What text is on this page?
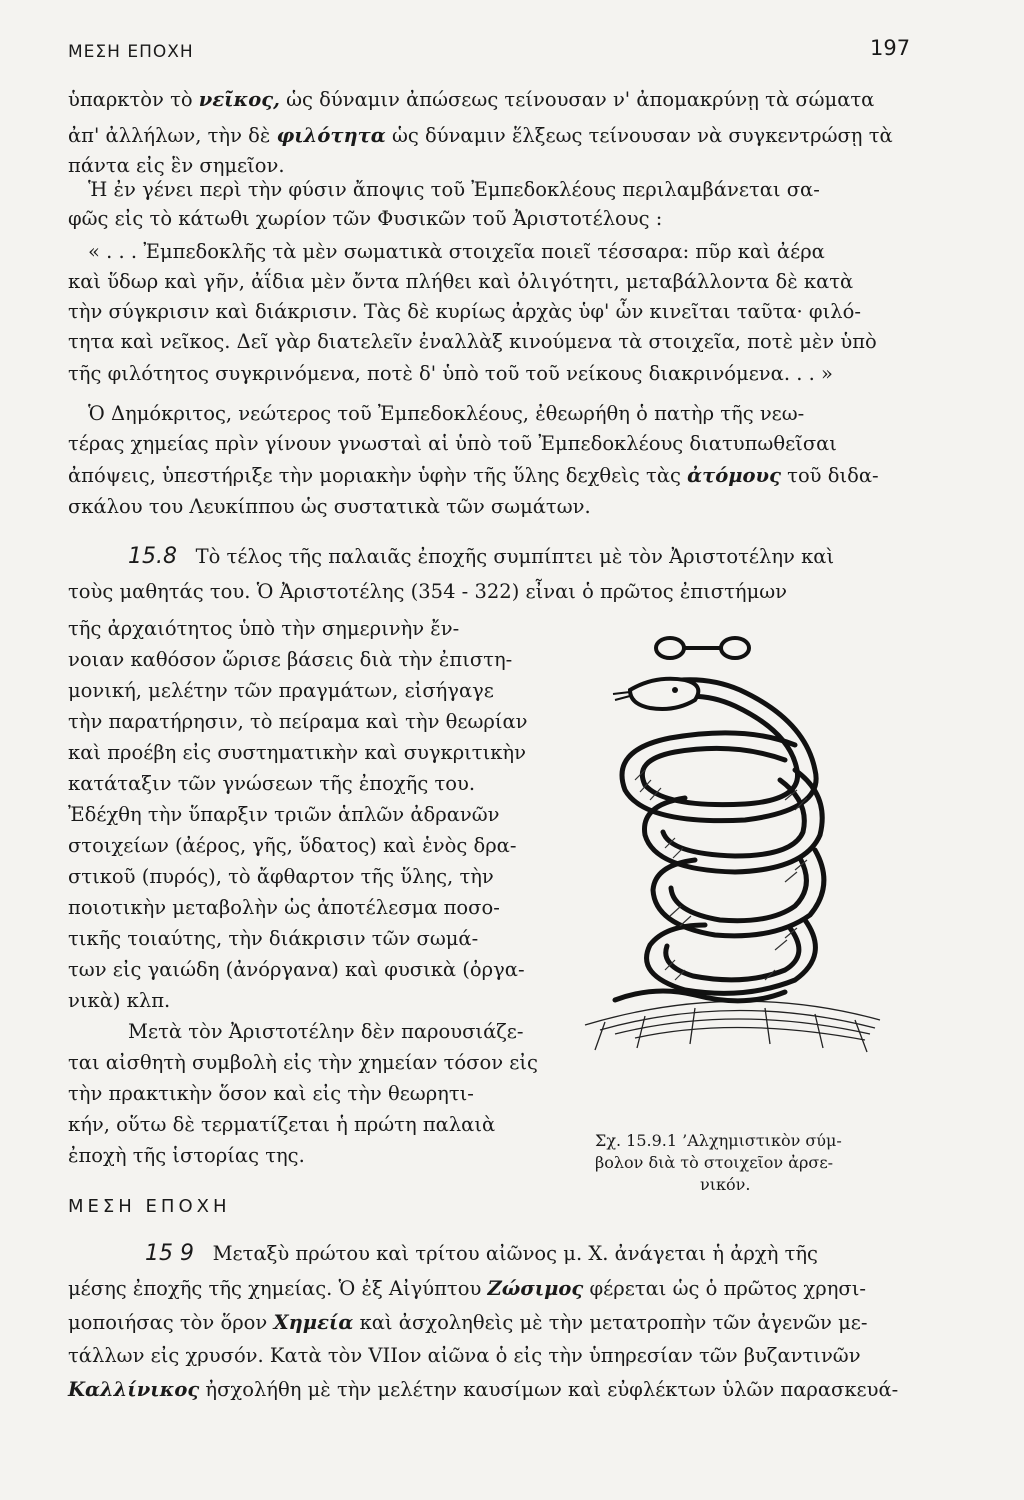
ΜΕΣΗ ΕΠΟΧΗ	197
ὑπαρκτὸν τὸ νεῖκος, ὡς δύναμιν ἀπώσεως τείνουσαν ν' ἀπομακρύνῃ τὰ σώματα
ἀπ' ἀλλήλων, τὴν δὲ φιλότητα ὡς δύναμιν ἕλξεως τείνουσαν νὰ συγκεντρώσῃ τὰ
πάντα εἰς ἓν σημεῖον.
Ἡ ἐν γένει περὶ τὴν φύσιν ἄποψις τοῦ Ἐμπεδοκλέους περιλαμβάνεται σα-
φῶς εἰς τὸ κάτωθι χωρίον τῶν Φυσικῶν τοῦ Ἀριστοτέλους :
« . . . Ἐμπεδοκλῆς τὰ μὲν σωματικὰ στοιχεῖα ποιεῖ τέσσαρα: πῦρ καὶ ἀέρα
καὶ ὕδωρ καὶ γῆν, ἀΐδια μὲν ὄντα πλήθει καὶ ὀλιγότητι, μεταβάλλοντα δὲ κατὰ
τὴν σύγκρισιν καὶ διάκρισιν. Τὰς δὲ κυρίως ἀρχὰς ὑφ' ὧν κινεῖται ταῦτα· φιλό-
τητα καὶ νεῖκος. Δεῖ γὰρ διατελεῖν ἐναλλὰξ κινούμενα τὰ στοιχεῖα, ποτὲ μὲν ὑπὸ
τῆς φιλότητος συγκρινόμενα, ποτὲ δ' ὑπὸ τοῦ τοῦ νείκους διακρινόμενα. . . »
Ὁ Δημόκριτος, νεώτερος τοῦ Ἐμπεδοκλέους, ἐθεωρήθη ὁ πατὴρ τῆς νεω-
τέρας χημείας πρὶν γίνουν γνωσταὶ αἱ ὑπὸ τοῦ Ἐμπεδοκλέους διατυπωθεῖσαι
ἀπόψεις, ὑπεστήριξε τὴν μοριακὴν ὑφὴν τῆς ὕλης δεχθεὶς τὰς ἀτόμους τοῦ διδα-
σκάλου του Λευκίππου ὡς συστατικὰ τῶν σωμάτων.
15.8 Τὸ τέλος τῆς παλαιᾶς ἐποχῆς συμπίπτει μὲ τὸν Ἀριστοτέλην καὶ
τοὺς μαθητάς του. Ὁ Ἀριστοτέλης (354 - 322) εἶναι ὁ πρῶτος ἐπιστήμων
τῆς ἀρχαιότητος ὑπὸ τὴν σημερινὴν ἔν-
νοιαν καθόσον ὥρισε βάσεις διὰ τὴν ἐπιστη-
μονική, μελέτην τῶν πραγμάτων, εἰσήγαγε
τὴν παρατήρησιν, τὸ πείραμα καὶ τὴν θεωρίαν
καὶ προέβη εἰς συστηματικὴν καὶ συγκριτικὴν
κατάταξιν τῶν γνώσεων τῆς ἐποχῆς του.
Ἐδέχθη τὴν ὕπαρξιν τριῶν ἁπλῶν ἀδρανῶν
στοιχείων (ἀέρος, γῆς, ὕδατος) καὶ ἑνὸς δρα-
στικοῦ (πυρός), τὸ ἄφθαρτον τῆς ὕλης, τὴν
ποιοτικὴν μεταβολὴν ὡς ἀποτέλεσμα ποσο-
τικῆς τοιαύτης, τὴν διάκρισιν τῶν σωμά-
των εἰς γαιώδη (ἀνόργανα) καὶ φυσικὰ (ὀργα-
νικὰ) κλπ.
Μετὰ τὸν Ἀριστοτέλην δὲν παρουσιάζε-
ται αἰσθητὴ συμβολὴ εἰς τὴν χημείαν τόσον εἰς
τὴν πρακτικὴν ὅσον καὶ εἰς τὴν θεωρητι-
κήν, οὕτω δὲ τερματίζεται ἡ πρώτη παλαιὰ
ἐποχὴ τῆς ἱστορίας της.
Σχ. 15.9.1 ’Αλχημιστικὸν σύμ-
βολον διὰ τὸ στοιχεῖον ἀρσε-
νικόν.
ΜΕΣΗ ΕΠΟΧΗ
15 9 Μεταξὺ πρώτου καὶ τρίτου αἰῶνος μ. Χ. ἀνάγεται ἡ ἀρχὴ τῆς
μέσης ἐποχῆς τῆς χημείας. Ὁ ἐξ Αἰγύπτου Ζώσιμος φέρεται ὡς ὁ πρῶτος χρησι-
μοποιήσας τὸν ὅρον Χημεία καὶ ἀσχοληθεὶς μὲ τὴν μετατροπὴν τῶν ἀγενῶν με-
τάλλων εἰς χρυσόν. Κατὰ τὸν VIIον αἰῶνα ὁ εἰς τὴν ὑπηρεσίαν τῶν βυζαντινῶν
Καλλίνικος ἠσχολήθη μὲ τὴν μελέτην καυσίμων καὶ εὐφλέκτων ὑλῶν παρασκευά-
